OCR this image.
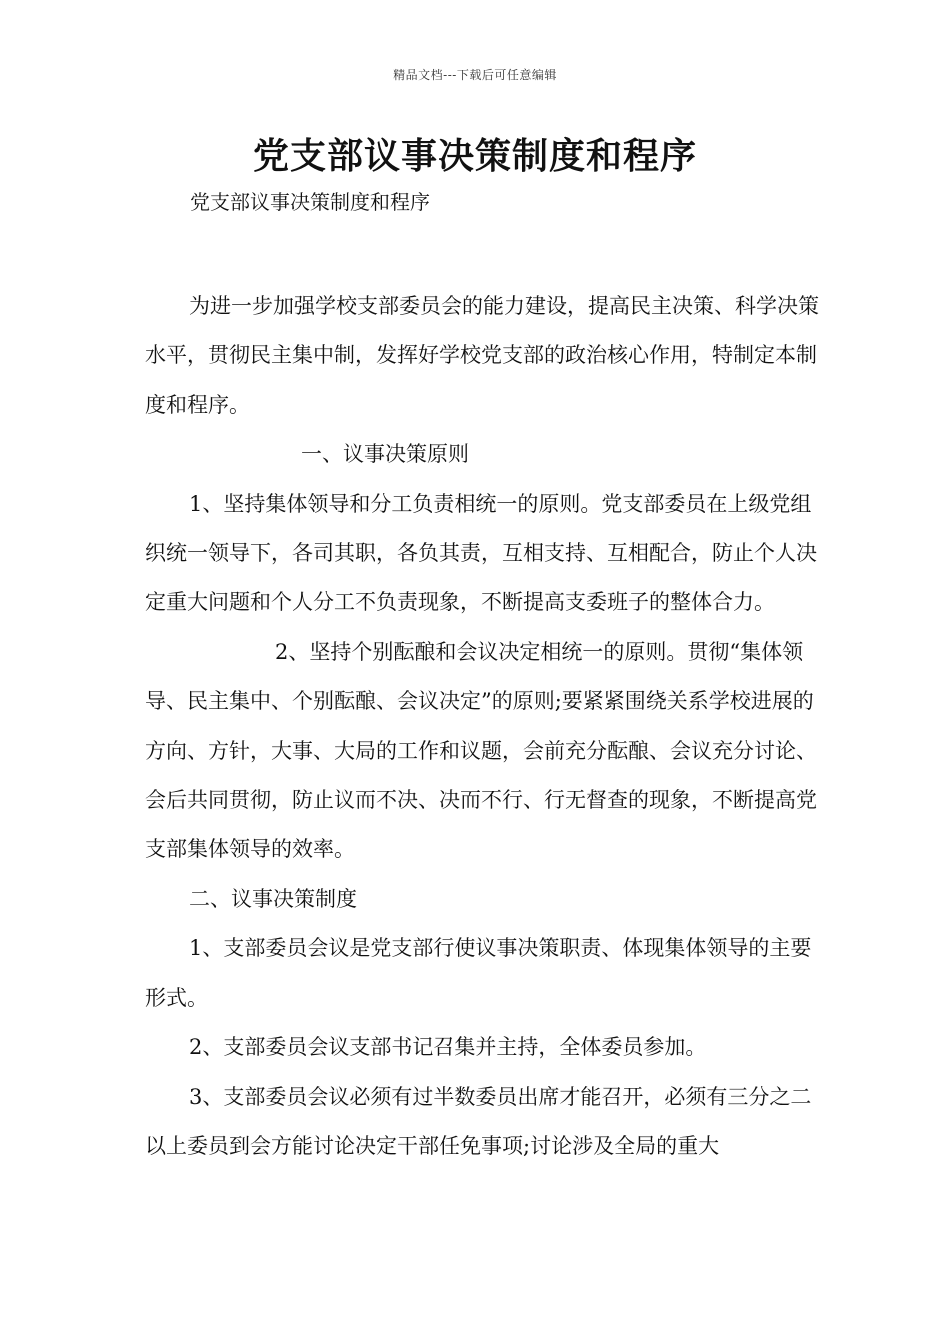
精品文档---下载后可任意编辑
党支部议事决策制度和程序
党支部议事决策制度和程序

为进一步加强学校支部委员会的能力建设，提高民主决策、科学决策水平，贯彻民主集中制，发挥好学校党支部的政治核心作用，特制定本制度和程序。

一、议事决策原则

1、坚持集体领导和分工负责相统一的原则。党支部委员在上级党组织统一领导下，各司其职，各负其责，互相支持、互相配合，防止个人决定重大问题和个人分工不负责现象，不断提高支委班子的整体合力。

2、坚持个别酝酿和会议决定相统一的原则。贯彻“集体领导、民主集中、个别酝酿、会议决定”的原则;要紧紧围绕关系学校进展的方向、方针，大事、大局的工作和议题，会前充分酝酿、会议充分讨论、会后共同贯彻，防止议而不决、决而不行、行无督查的现象，不断提高党支部集体领导的效率。

二、议事决策制度

1、支部委员会议是党支部行使议事决策职责、体现集体领导的主要形式。

2、支部委员会议支部书记召集并主持，全体委员参加。

3、支部委员会议必须有过半数委员出席才能召开，必须有三分之二以上委员到会方能讨论决定干部任免事项;讨论涉及全局的重大
